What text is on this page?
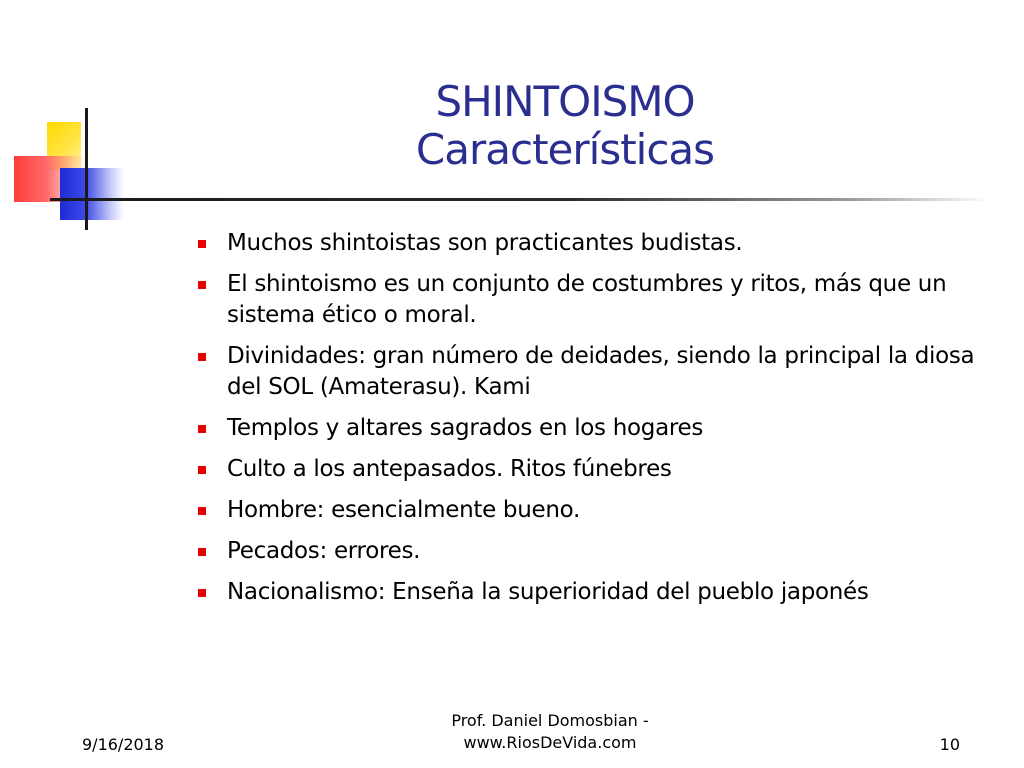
SHINTOISMO
Características
Muchos shintoistas son practicantes budistas.
El shintoismo es un conjunto de costumbres y ritos, más que un sistema ético o moral.
Divinidades: gran número de deidades, siendo la principal la diosa del SOL (Amaterasu). Kami
Templos y altares sagrados en los hogares
Culto a los antepasados. Ritos fúnebres
Hombre: esencialmente bueno.
Pecados: errores.
Nacionalismo: Enseña la superioridad del pueblo japonés
9/16/2018
Prof. Daniel Domosbian -
www.RiosDeVida.com	10
